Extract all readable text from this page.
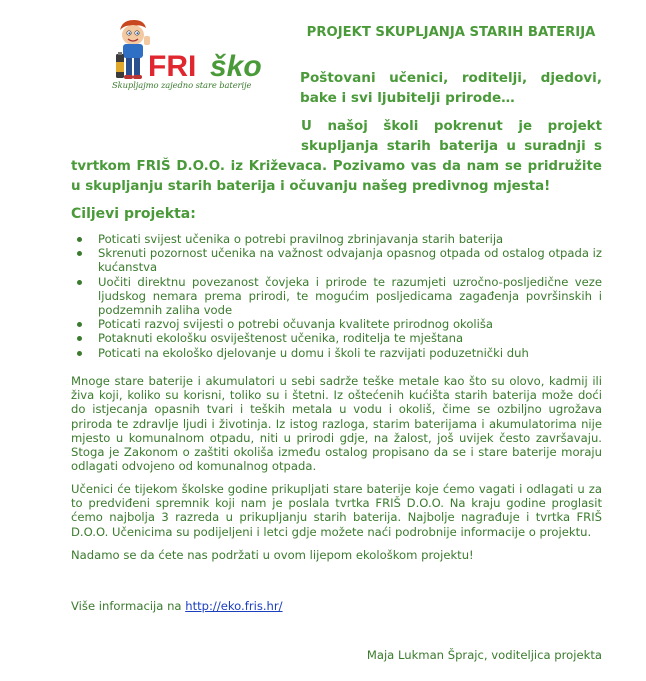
FRI ško
Skupljajmo zajedno stare baterije
PROJEKT SKUPLJANJA STARIH BATERIJA
Poštovani učenici, roditelji, djedovi, bake i svi ljubitelji prirode…
U našoj školi pokrenut je projekt skupljanja starih baterija u suradnji s
tvrtkom FRIŠ D.O.O. iz Križevaca. Pozivamo vas da nam se pridružite u skupljanju starih baterija i očuvanju našeg predivnog mjesta!
Ciljevi projekta:
Poticati svijest učenika o potrebi pravilnog zbrinjavanja starih baterija
Skrenuti pozornost učenika na važnost odvajanja opasnog otpada od ostalog otpada iz kućanstva
Uočiti direktnu povezanost čovjeka i prirode te razumjeti uzročno-posljedične veze ljudskog nemara prema prirodi, te mogućim posljedicama zagađenja površinskih i podzemnih zaliha vode
Poticati razvoj svijesti o potrebi očuvanja kvalitete prirodnog okoliša
Potaknuti ekološku osviještenost učenika, roditelja te mještana
Poticati na ekološko djelovanje u domu i školi te razvijati poduzetnički duh

Mnoge stare baterije i akumulatori u sebi sadrže teške metale kao što su olovo, kadmij ili živa koji, koliko su korisni, toliko su i štetni. Iz oštećenih kućišta starih baterija može doći do istjecanja opasnih tvari i teških metala u vodu i okoliš, čime se ozbiljno ugrožava priroda te zdravlje ljudi i životinja. Iz istog razloga, starim baterijama i akumulatorima nije mjesto u komunalnom otpadu, niti u prirodi gdje, na žalost, još uvijek često završavaju. Stoga je Zakonom o zaštiti okoliša između ostalog propisano da se i stare baterije moraju odlagati odvojeno od komunalnog otpada.

Učenici će tijekom školske godine prikupljati stare baterije koje ćemo vagati i odlagati u za to predviđeni spremnik koji nam je poslala tvrtka FRIŠ D.O.O. Na kraju godine proglasit ćemo najbolja 3 razreda u prikupljanju starih baterija. Najbolje nagrađuje i tvrtka FRIŠ D.O.O. Učenicima su podijeljeni i letci gdje možete naći podrobnije informacije o projektu.

Nadamo se da ćete nas podržati u ovom lijepom ekološkom projektu!

Više informacija na http://eko.fris.hr/
Maja Lukman Šprajc, voditeljica projekta
